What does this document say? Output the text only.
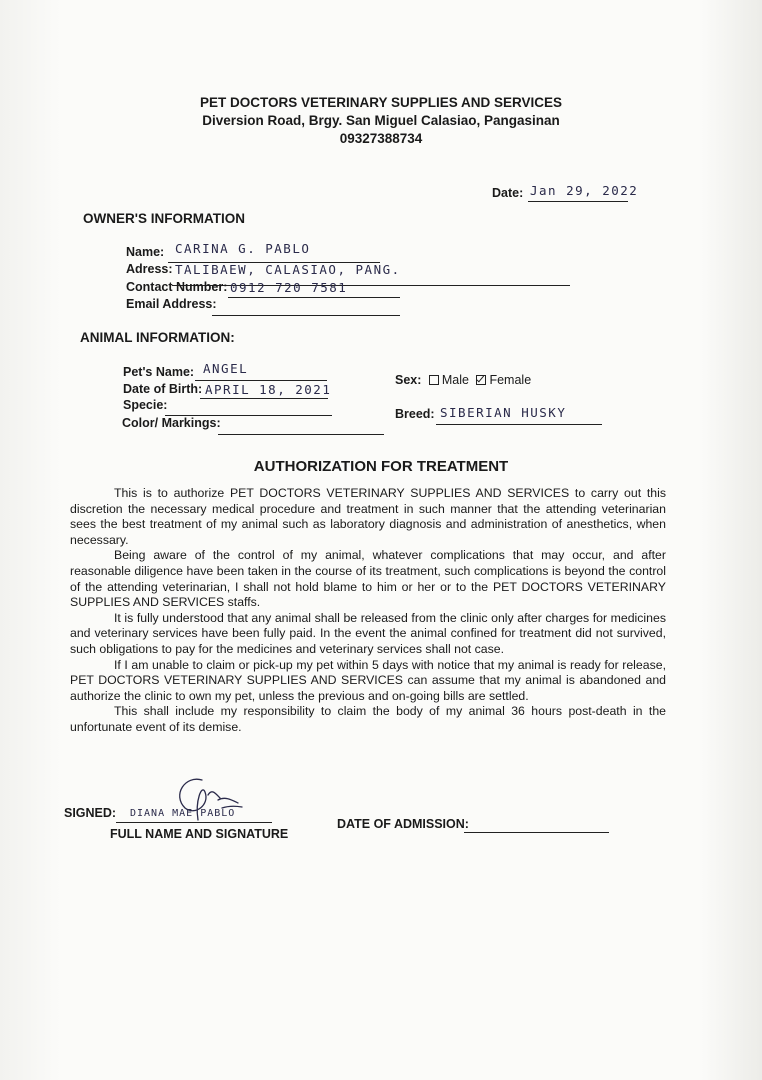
PET DOCTORS VETERINARY SUPPLIES AND SERVICES
Diversion Road, Brgy. San Miguel Calasiao, Pangasinan
09327388734
Date: Jan 29, 2022
OWNER'S INFORMATION
Name: CARINA G. PABLO
Adress: TALIBAEW, CALASIAO, PANG.
Contact Number: 0912 720 7581
Email Address:
ANIMAL INFORMATION:
Pet's Name: ANGEL
Date of Birth: APRIL 18, 2021
Specie:
Color/ Markings:
Sex: Male Female
Breed: SIBERIAN HUSKY
AUTHORIZATION FOR TREATMENT

This is to authorize PET DOCTORS VETERINARY SUPPLIES AND SERVICES to carry out this discretion the necessary medical procedure and treatment in such manner that the attending veterinarian sees the best treatment of my animal such as laboratory diagnosis and administration of anesthetics, when necessary.

Being aware of the control of my animal, whatever complications that may occur, and after reasonable diligence have been taken in the course of its treatment, such complications is beyond the control of the attending veterinarian, I shall not hold blame to him or her or to the PET DOCTORS VETERINARY SUPPLIES AND SERVICES staffs.

It is fully understood that any animal shall be released from the clinic only after charges for medicines and veterinary services have been fully paid. In the event the animal confined for treatment did not survived, such obligations to pay for the medicines and veterinary services shall not case.

If I am unable to claim or pick-up my pet within 5 days with notice that my animal is ready for release, PET DOCTORS VETERINARY SUPPLIES AND SERVICES can assume that my animal is abandoned and authorize the clinic to own my pet, unless the previous and on-going bills are settled.

This shall include my responsibility to claim the body of my animal 36 hours post-death in the unfortunate event of its demise.

SIGNED: DIANA MAE PABLO
FULL NAME AND SIGNATURE
DATE OF ADMISSION:
